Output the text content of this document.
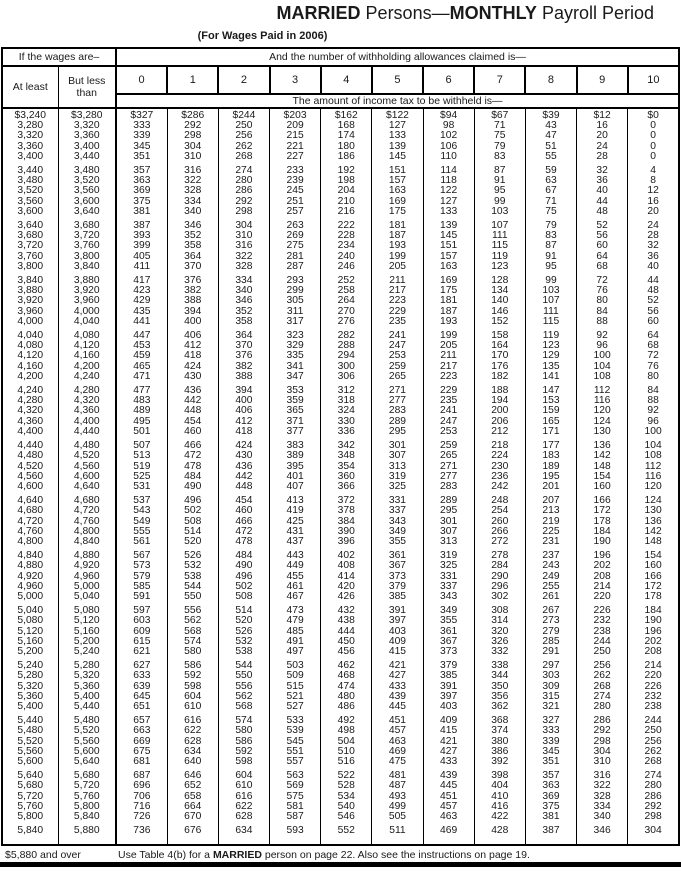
MARRIED Persons—MONTHLY Payroll Period
(For Wages Paid in 2006)
If the wages are–		And the number of withholding allowances claimed is—										
At least	But less than	0	1	2	3	4	5	6	7	8	9	10
		The amount of income tax to be withheld is—										
$3,240	$3,280	$327	$286	$244	$203	$162	$122	$94	$67	$39	$12	$0
3,280	3,320	333	292	250	209	168	127	98	71	43	16	0
3,320	3,360	339	298	256	215	174	133	102	75	47	20	0
3,360	3,400	345	304	262	221	180	139	106	79	51	24	0
3,400	3,440	351	310	268	227	186	145	110	83	55	28	0
3,440	3,480	357	316	274	233	192	151	114	87	59	32	4
3,480	3,520	363	322	280	239	198	157	118	91	63	36	8
3,520	3,560	369	328	286	245	204	163	122	95	67	40	12
3,560	3,600	375	334	292	251	210	169	127	99	71	44	16
3,600	3,640	381	340	298	257	216	175	133	103	75	48	20
3,640	3,680	387	346	304	263	222	181	139	107	79	52	24
3,680	3,720	393	352	310	269	228	187	145	111	83	56	28
3,720	3,760	399	358	316	275	234	193	151	115	87	60	32
3,760	3,800	405	364	322	281	240	199	157	119	91	64	36
3,800	3,840	411	370	328	287	246	205	163	123	95	68	40
3,840	3,880	417	376	334	293	252	211	169	128	99	72	44
3,880	3,920	423	382	340	299	258	217	175	134	103	76	48
3,920	3,960	429	388	346	305	264	223	181	140	107	80	52
3,960	4,000	435	394	352	311	270	229	187	146	111	84	56
4,000	4,040	441	400	358	317	276	235	193	152	115	88	60
4,040	4,080	447	406	364	323	282	241	199	158	119	92	64
4,080	4,120	453	412	370	329	288	247	205	164	123	96	68
4,120	4,160	459	418	376	335	294	253	211	170	129	100	72
4,160	4,200	465	424	382	341	300	259	217	176	135	104	76
4,200	4,240	471	430	388	347	306	265	223	182	141	108	80
4,240	4,280	477	436	394	353	312	271	229	188	147	112	84
4,280	4,320	483	442	400	359	318	277	235	194	153	116	88
4,320	4,360	489	448	406	365	324	283	241	200	159	120	92
4,360	4,400	495	454	412	371	330	289	247	206	165	124	96
4,400	4,440	501	460	418	377	336	295	253	212	171	130	100
4,440	4,480	507	466	424	383	342	301	259	218	177	136	104
4,480	4,520	513	472	430	389	348	307	265	224	183	142	108
4,520	4,560	519	478	436	395	354	313	271	230	189	148	112
4,560	4,600	525	484	442	401	360	319	277	236	195	154	116
4,600	4,640	531	490	448	407	366	325	283	242	201	160	120
4,640	4,680	537	496	454	413	372	331	289	248	207	166	124
4,680	4,720	543	502	460	419	378	337	295	254	213	172	130
4,720	4,760	549	508	466	425	384	343	301	260	219	178	136
4,760	4,800	555	514	472	431	390	349	307	266	225	184	142
4,800	4,840	561	520	478	437	396	355	313	272	231	190	148
4,840	4,880	567	526	484	443	402	361	319	278	237	196	154
4,880	4,920	573	532	490	449	408	367	325	284	243	202	160
4,920	4,960	579	538	496	455	414	373	331	290	249	208	166
4,960	5,000	585	544	502	461	420	379	337	296	255	214	172
5,000	5,040	591	550	508	467	426	385	343	302	261	220	178
5,040	5,080	597	556	514	473	432	391	349	308	267	226	184
5,080	5,120	603	562	520	479	438	397	355	314	273	232	190
5,120	5,160	609	568	526	485	444	403	361	320	279	238	196
5,160	5,200	615	574	532	491	450	409	367	326	285	244	202
5,200	5,240	621	580	538	497	456	415	373	332	291	250	208
5,240	5,280	627	586	544	503	462	421	379	338	297	256	214
5,280	5,320	633	592	550	509	468	427	385	344	303	262	220
5,320	5,360	639	598	556	515	474	433	391	350	309	268	226
5,360	5,400	645	604	562	521	480	439	397	356	315	274	232
5,400	5,440	651	610	568	527	486	445	403	362	321	280	238
5,440	5,480	657	616	574	533	492	451	409	368	327	286	244
5,480	5,520	663	622	580	539	498	457	415	374	333	292	250
5,520	5,560	669	628	586	545	504	463	421	380	339	298	256
5,560	5,600	675	634	592	551	510	469	427	386	345	304	262
5,600	5,640	681	640	598	557	516	475	433	392	351	310	268
5,640	5,680	687	646	604	563	522	481	439	398	357	316	274
5,680	5,720	696	652	610	569	528	487	445	404	363	322	280
5,720	5,760	706	658	616	575	534	493	451	410	369	328	286
5,760	5,800	716	664	622	581	540	499	457	416	375	334	292
5,800	5,840	726	670	628	587	546	505	463	422	381	340	298
5,840	5,880	736	676	634	593	552	511	469	428	387	346	304
$5,880 and over	Use Table 4(b) for a MARRIED person on page 22. Also see the instructions on page 19.
